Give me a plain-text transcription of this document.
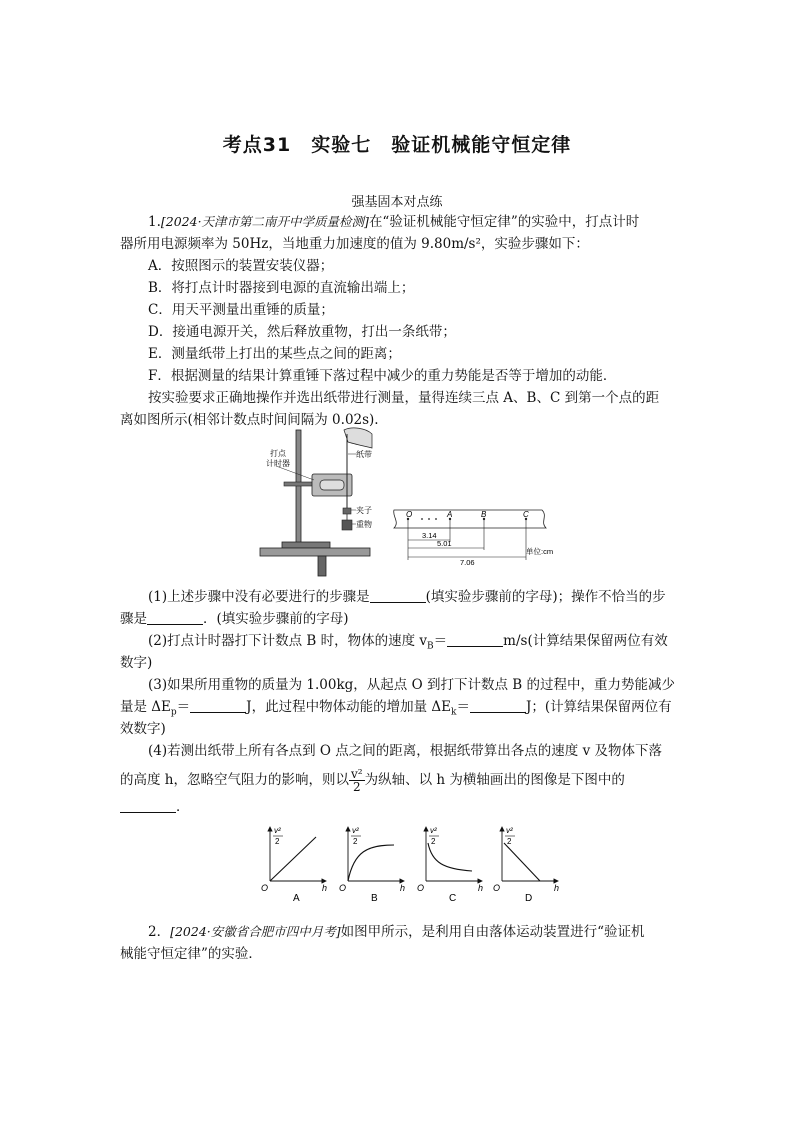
考点31　实验七　验证机械能守恒定律
强基固本对点练
1.[2024·天津市第二南开中学质量检测]在“验证机械能守恒定律”的实验中，打点计时
器所用电源频率为 50Hz，当地重力加速度的值为 9.80m/s²，实验步骤如下：
A．按照图示的装置安装仪器；
B．将打点计时器接到电源的直流输出端上；
C．用天平测量出重锤的质量；
D．接通电源开关，然后释放重物，打出一条纸带；
E．测量纸带上打出的某些点之间的距离；
F．根据测量的结果计算重锤下落过程中减少的重力势能是否等于增加的动能．
按实验要求正确地操作并选出纸带进行测量，量得连续三点 A、B、C 到第一个点的距
离如图所示(相邻计数点时间间隔为 0.02s).
打点
计时器
纸带
夹子
重物
O	A	B	C
3.14
5.01
7.06
单位:cm
(1)上述步骤中没有必要进行的步骤是	(填实验步骤前的字母)；操作不恰当的步
骤是	．(填实验步骤前的字母)
(2)打点计时器打下计数点 B 时，物体的速度 $v_B=$	m/s(计算结果保留两位有效
数字)
(3)如果所用重物的质量为 1.00kg，从起点 O 到打下计数点 B 的过程中，重力势能减少
量是 $\Delta E_p=$	J，此过程中物体动能的增加量 $\Delta E_k=$	J；(计算结果保留两位有
效数字)
(4)若测出纸带上所有各点到 O 点之间的距离，根据纸带算出各点的速度 v 及物体下落
的高度 h，忽略空气阻力的影响，则以 $\frac{\text{v²}}{2}$ 为纵轴、以 h 为横轴画出的图像是下图中的
．
v²
2
O	h
A
v²
2
O	h
B
v²
2
O	h
C
v²
2
O	h
D
2．[2024·安徽省合肥市四中月考]如图甲所示，是利用自由落体运动装置进行“验证机
械能守恒定律”的实验．
